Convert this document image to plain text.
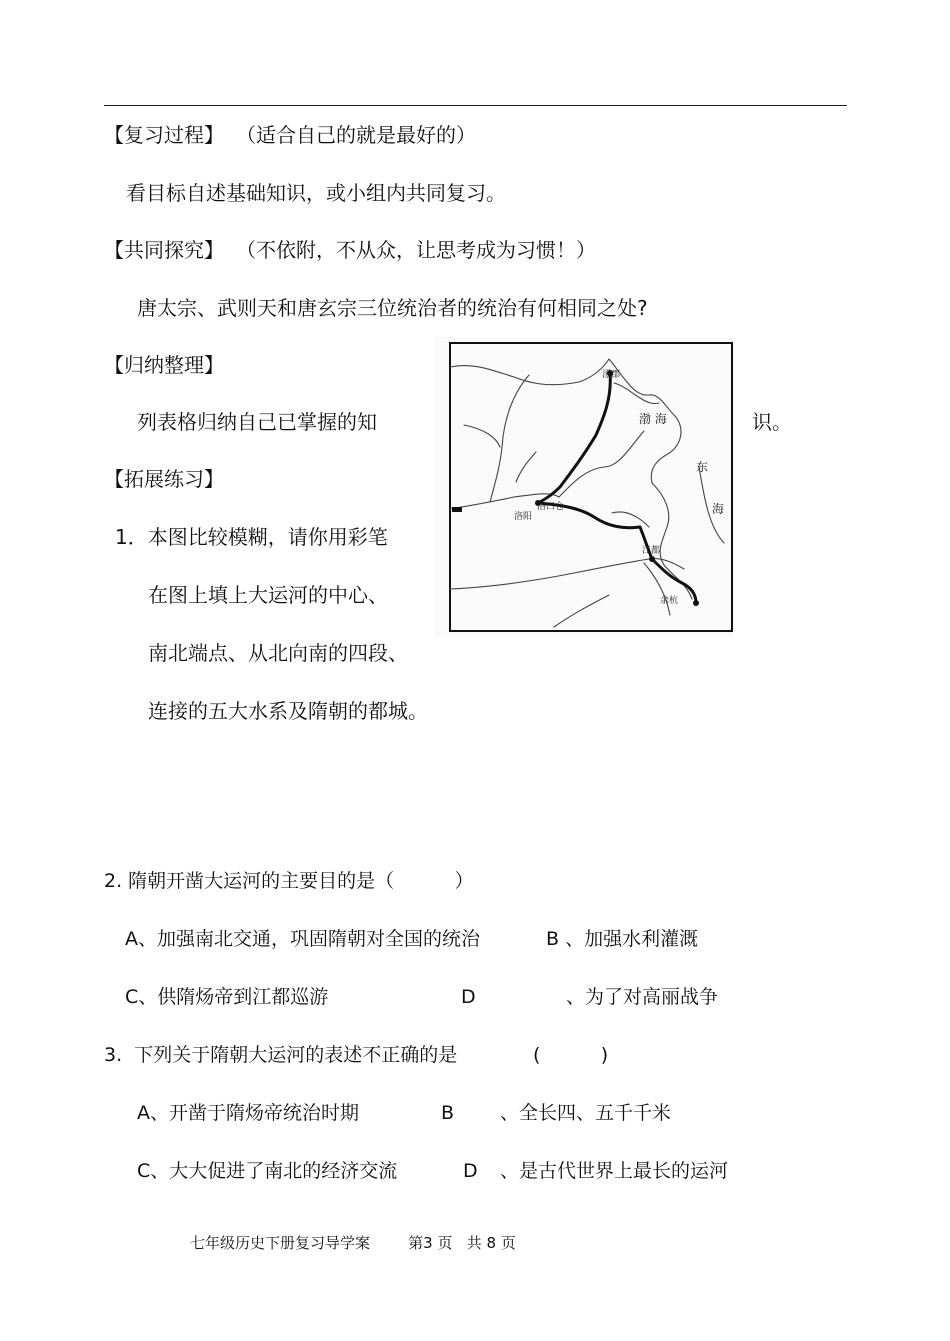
【复习过程】 （适合自己的就是最好的）
看目标自述基础知识，或小组内共同复习。
【共同探究】 （不依附，不从众，让思考成为习惯！）
唐太宗、武则天和唐玄宗三位统治者的统治有何相同之处?
【归纳整理】
列表格归纳自己已掌握的知	识。
【拓展练习】
1．本图比较模糊，请你用彩笔
在图上填上大运河的中心、
南北端点、从北向南的四段、
连接的五大水系及隋朝的都城。
涿郡
渤 海
东
海
洛阳
洛口仓
江都
余杭
2. 隋朝开凿大运河的主要目的是（          ）
A、加强南北交通，巩固隋朝对全国的统治	B 、加强水利灌溉
C、供隋炀帝到江都巡游	D	、为了对高丽战争
3.  下列关于隋朝大运河的表述不正确的是	(          )
A、开凿于隋炀帝统治时期	B 、全长四、五千千米
C、大大促进了南北的经济交流	D 、是古代世界上最长的运河
七年级历史下册复习导学案	第3 页   共 8 页
